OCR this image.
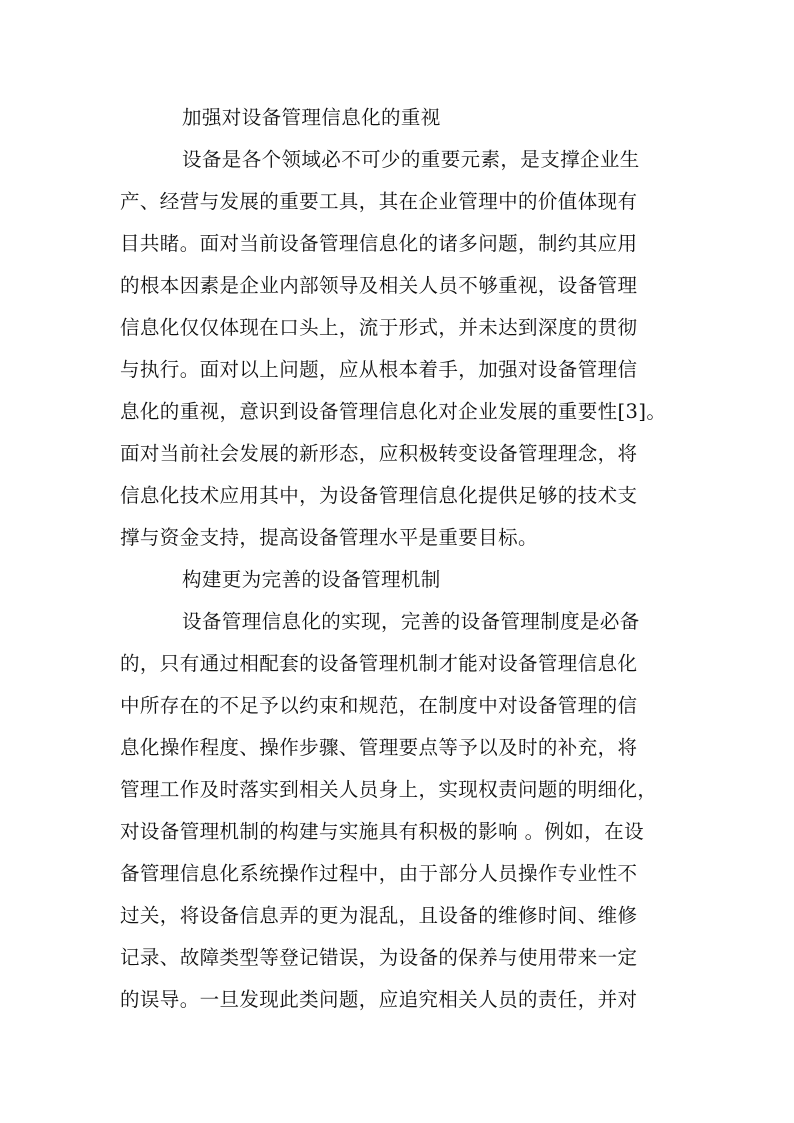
加强对设备管理信息化的重视
设备是各个领域必不可少的重要元素，是支撑企业生
产、经营与发展的重要工具，其在企业管理中的价值体现有
目共睹。面对当前设备管理信息化的诸多问题，制约其应用
的根本因素是企业内部领导及相关人员不够重视，设备管理
信息化仅仅体现在口头上，流于形式，并未达到深度的贯彻
与执行。面对以上问题，应从根本着手，加强对设备管理信
息化的重视，意识到设备管理信息化对企业发展的重要性[3]。
面对当前社会发展的新形态，应积极转变设备管理理念，将
信息化技术应用其中，为设备管理信息化提供足够的技术支
撑与资金支持，提高设备管理水平是重要目标。
构建更为完善的设备管理机制
设备管理信息化的实现，完善的设备管理制度是必备
的，只有通过相配套的设备管理机制才能对设备管理信息化
中所存在的不足予以约束和规范，在制度中对设备管理的信
息化操作程度、操作步骤、管理要点等予以及时的补充，将
管理工作及时落实到相关人员身上，实现权责问题的明细化，
对设备管理机制的构建与实施具有积极的影响 。例如，在设
备管理信息化系统操作过程中，由于部分人员操作专业性不
过关，将设备信息弄的更为混乱，且设备的维修时间、维修
记录、故障类型等登记错误，为设备的保养与使用带来一定
的误导。一旦发现此类问题，应追究相关人员的责任，并对
